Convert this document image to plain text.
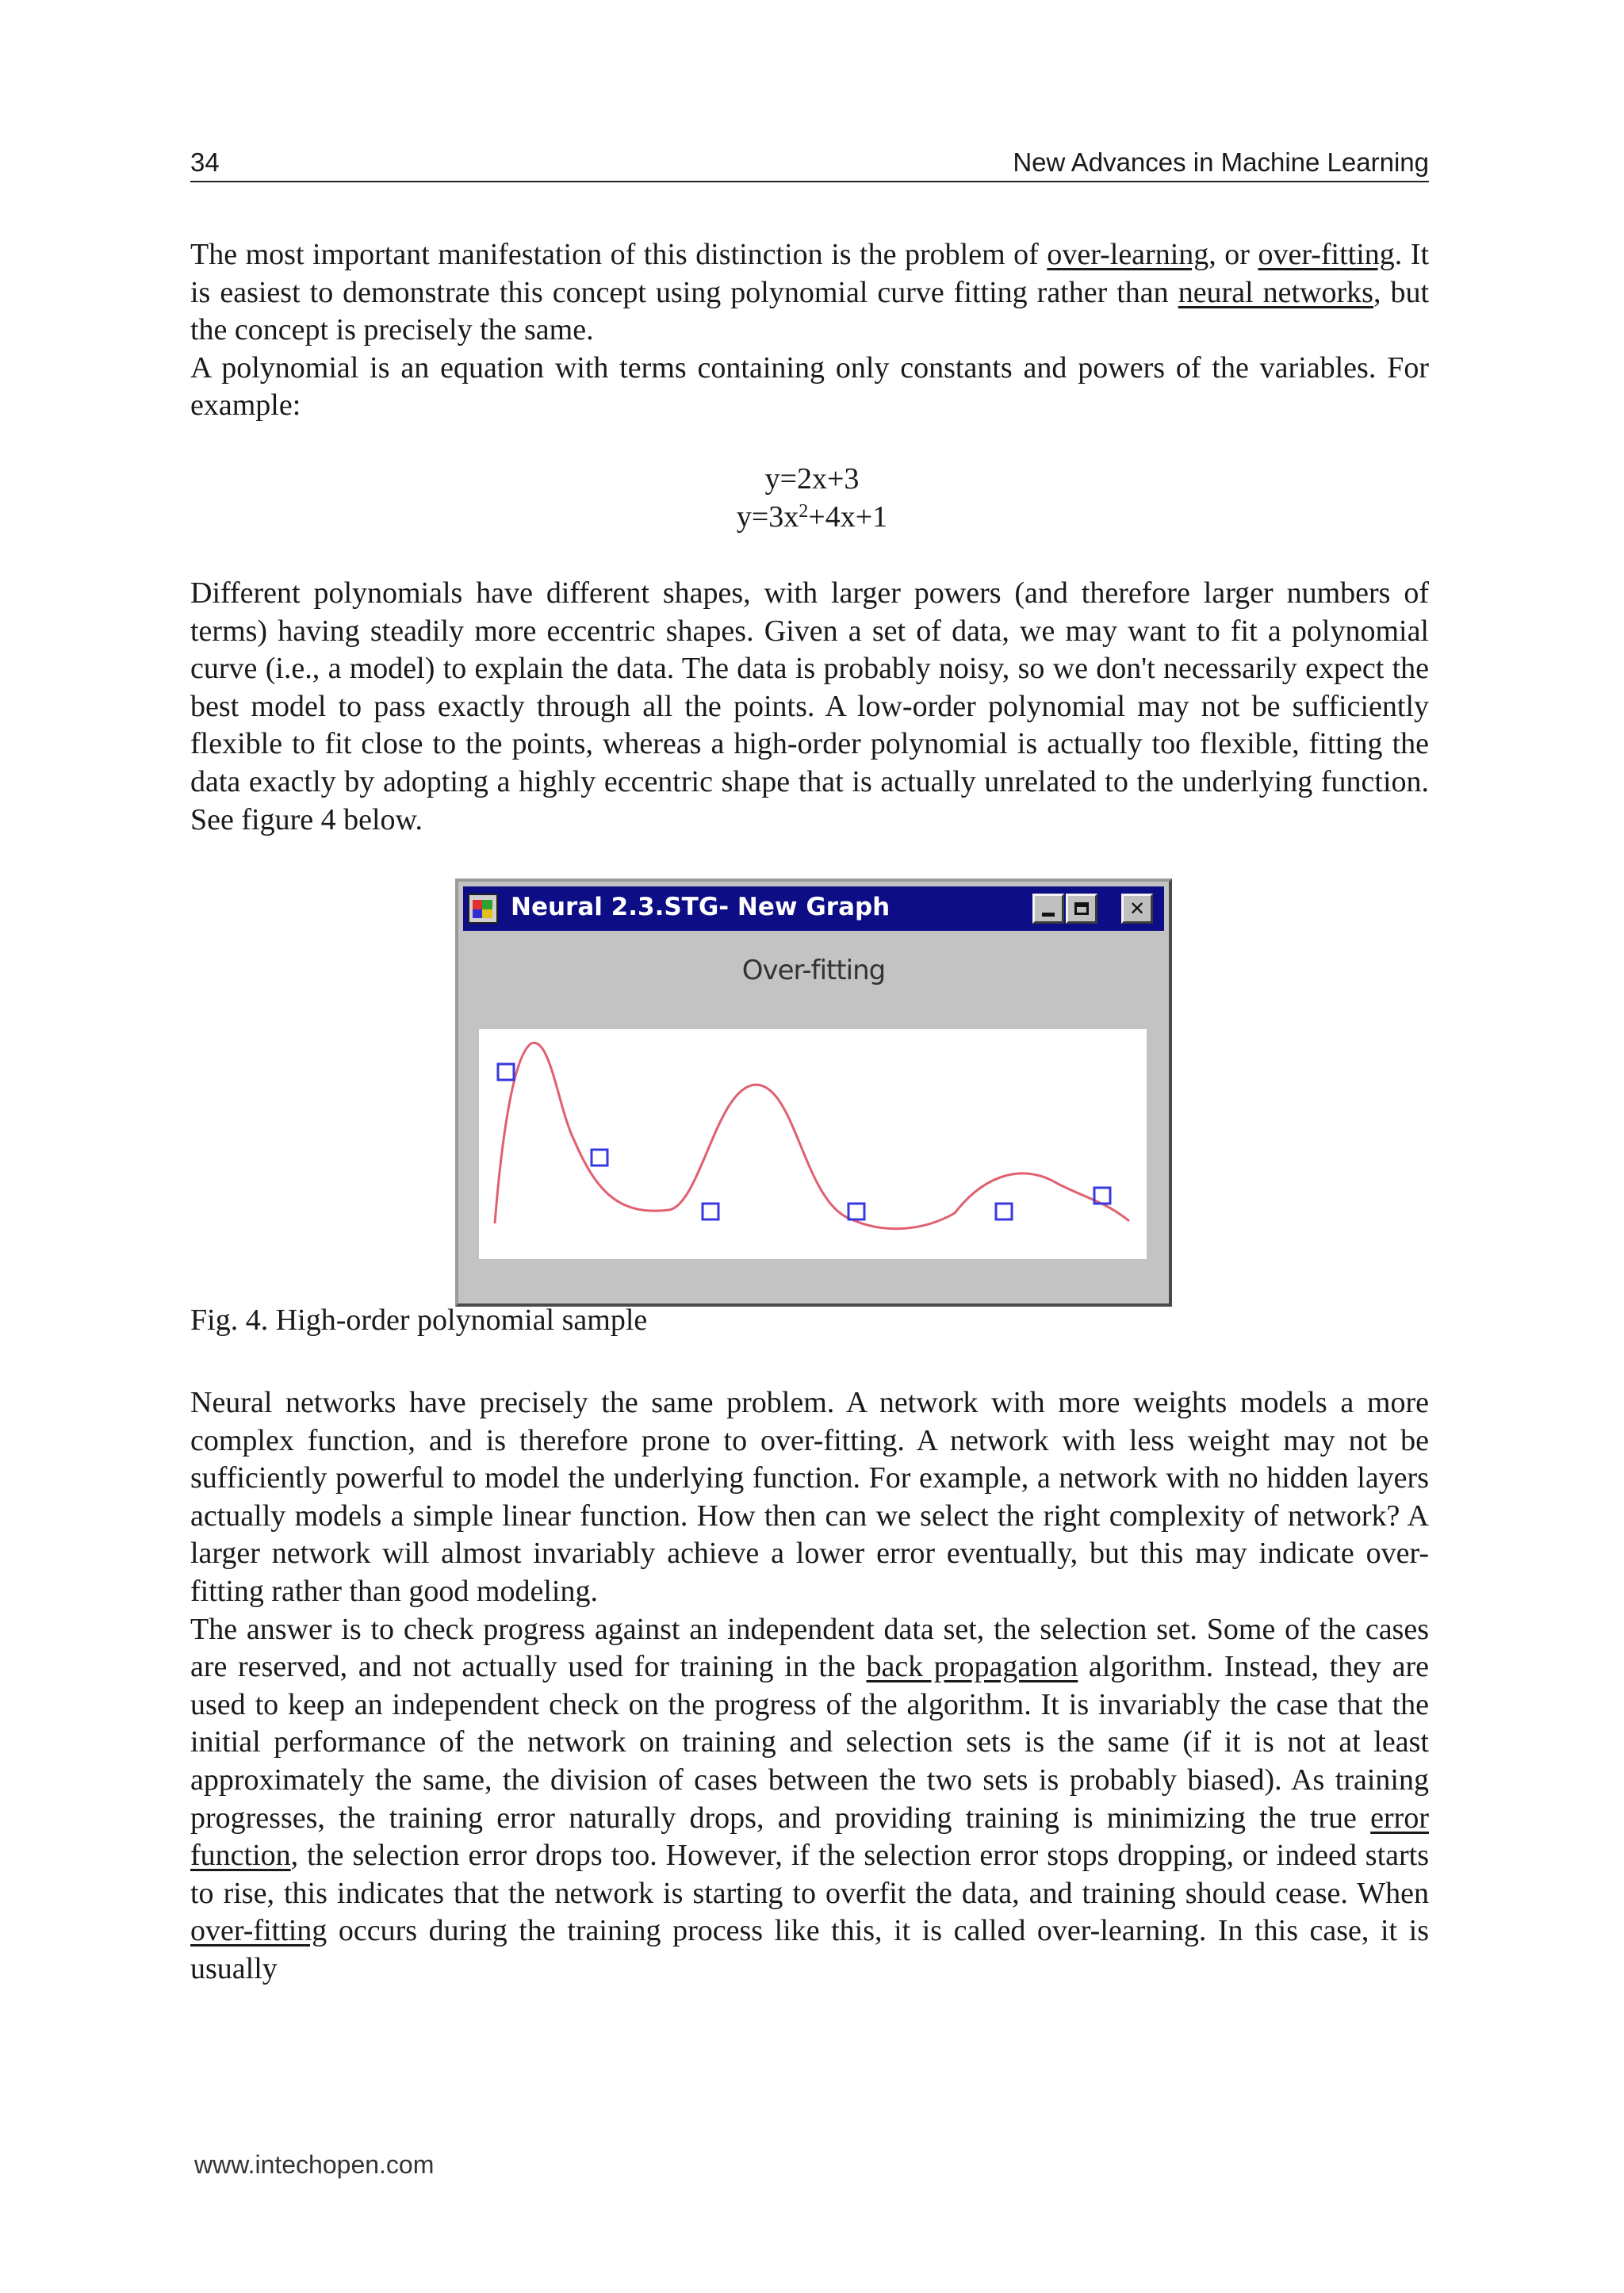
34	New Advances in Machine Learning

The most important manifestation of this distinction is the problem of over-learning, or over-fitting. It is easiest to demonstrate this concept using polynomial curve fitting rather than neural networks, but the concept is precisely the same.
A polynomial is an equation with terms containing only constants and powers of the variables. For example:

y=2x+3
$y=3x^2+4x+1$

Different polynomials have different shapes, with larger powers (and therefore larger numbers of terms) having steadily more eccentric shapes. Given a set of data, we may want to fit a polynomial curve (i.e., a model) to explain the data. The data is probably noisy, so we don't necessarily expect the best model to pass exactly through all the points. A low-order polynomial may not be sufficiently flexible to fit close to the points, whereas a high-order polynomial is actually too flexible, fitting the data exactly by adopting a highly eccentric shape that is actually unrelated to the underlying function. See figure 4 below.

Neural 2.3.STG- New Graph	✕
Over-fitting
Fig. 4. High-order polynomial sample

Neural networks have precisely the same problem. A network with more weights models a more complex function, and is therefore prone to over-fitting. A network with less weight may not be sufficiently powerful to model the underlying function. For example, a network with no hidden layers actually models a simple linear function. How then can we select the right complexity of network? A larger network will almost invariably achieve a lower error eventually, but this may indicate over-fitting rather than good modeling.
The answer is to check progress against an independent data set, the selection set. Some of the cases are reserved, and not actually used for training in the back propagation algorithm. Instead, they are used to keep an independent check on the progress of the algorithm. It is invariably the case that the initial performance of the network on training and selection sets is the same (if it is not at least approximately the same, the division of cases between the two sets is probably biased). As training progresses, the training error naturally drops, and providing training is minimizing the true error function, the selection error drops too. However, if the selection error stops dropping, or indeed starts to rise, this indicates that the network is starting to overfit the data, and training should cease. When over-fitting occurs during the training process like this, it is called over-learning. In this case, it is usually

www.intechopen.com
